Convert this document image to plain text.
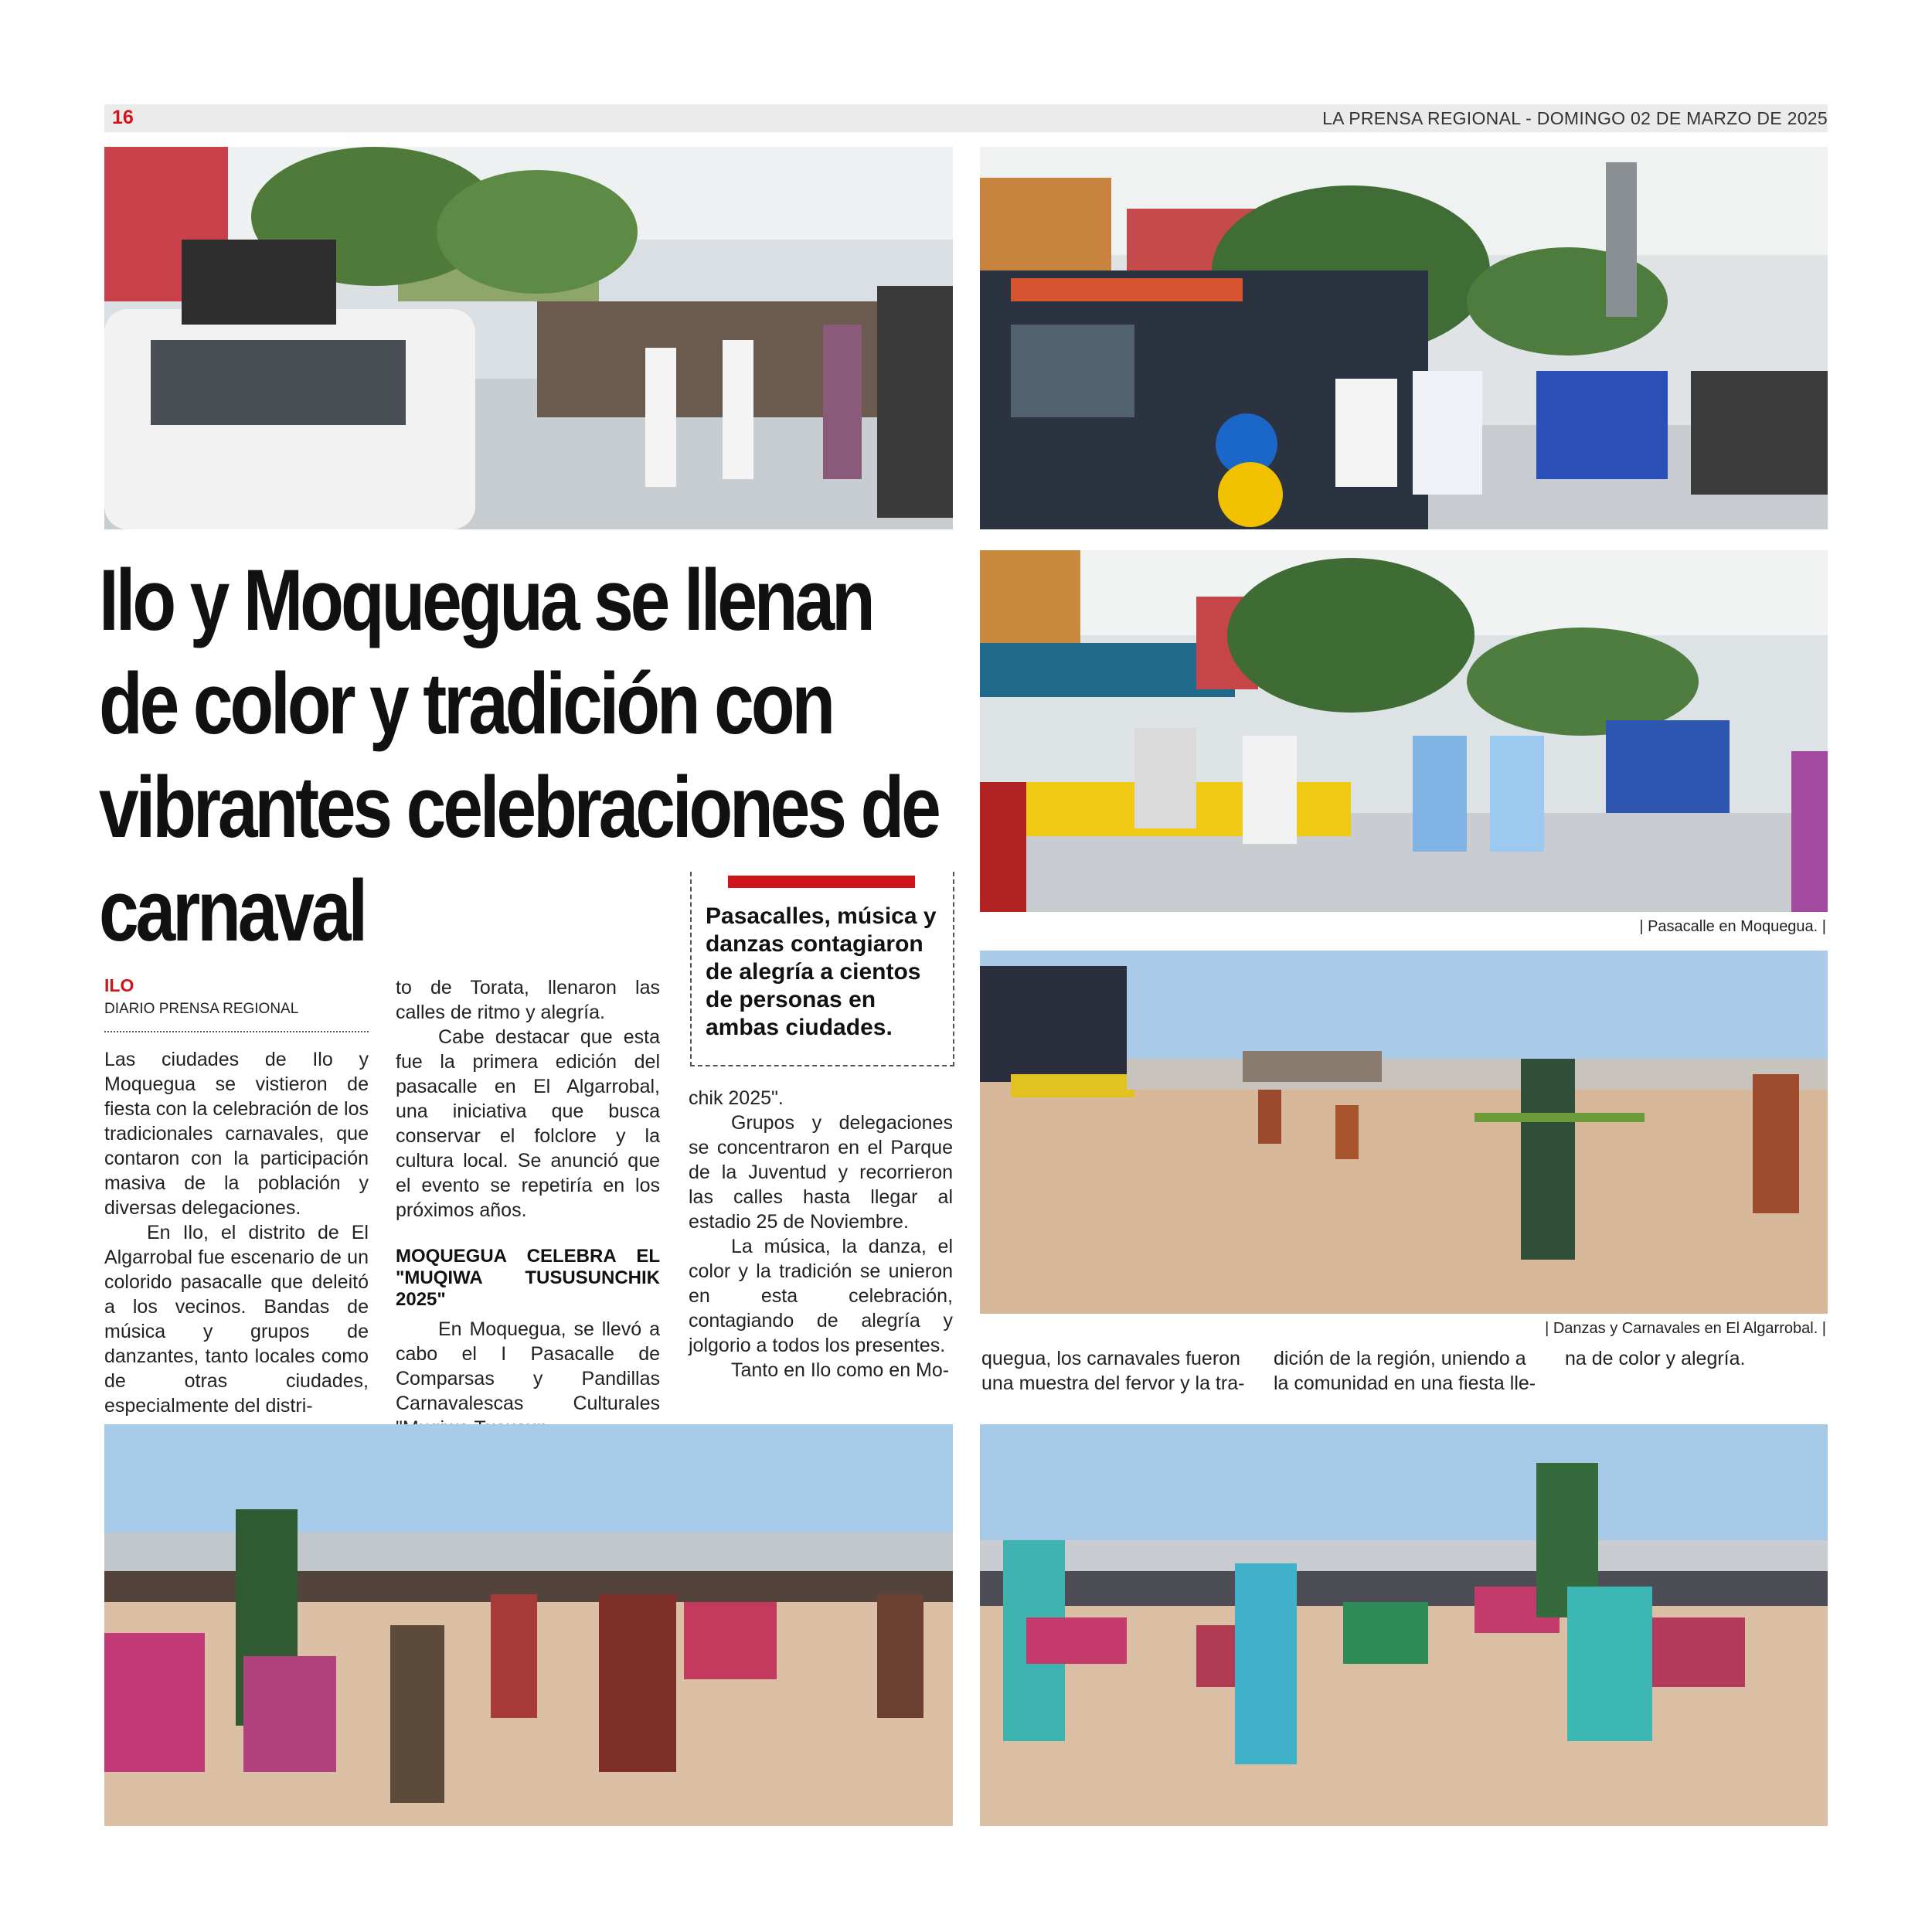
16	LA PRENSA REGIONAL - DOMINGO 02 DE MARZO DE 2025
| Pasacalle en Moquegua. |
| Danzas y Carnavales en El Algarrobal. |
Ilo y Moquegua se llenan de color y tradición con vibrantes celebraciones de carnaval	Pasacalles, música y danzas contagiaron de alegría a cientos de personas en ambas ciudades.
ILO
DIARIO PRENSA REGIONAL

Las ciudades de Ilo y Moquegua se vistieron de fiesta con la celebración de los tradicionales carnavales, que contaron con la participación masiva de la población y diversas delegaciones.

En Ilo, el distrito de El Algarrobal fue escenario de un colorido pasacalle que deleitó a los vecinos. Bandas de música y grupos de danzantes, tanto locales como de otras ciudades, especialmente del distri-

to de Torata, llenaron las calles de ritmo y alegría.

Cabe destacar que esta fue la primera edición del pasacalle en El Algarrobal, una iniciativa que busca conservar el folclore y la cultura local. Se anunció que el evento se repetiría en los próximos años.

MOQUEGUA CELEBRA EL "MUQIWA TUSUSUNCHIK 2025"

En Moquegua, se llevó a cabo el I Pasacalle de Comparsas y Pandillas Carnavalescas Culturales

chik 2025".

Grupos y delegaciones se concentraron en el Parque de la Juventud y recorrieron las calles hasta llegar al estadio 25 de Noviembre.

La música, la danza, el color y la tradición se unieron en esta celebración, contagiando de alegría y jolgorio a todos los presentes.

Tanto en Ilo como en Mo-

quegua, los carnavales fueron una muestra del fervor y la tra-

dición de la región, uniendo a la comunidad en una fiesta lle-

na de color y alegría.
